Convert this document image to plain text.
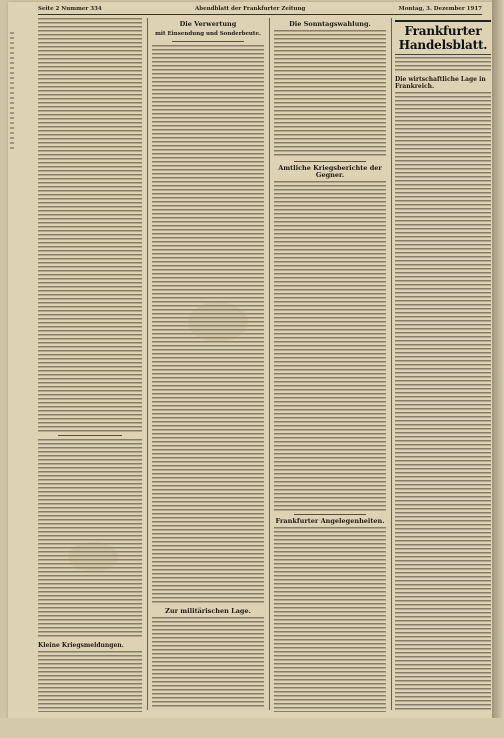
Seite 2 Nummer 334	Abendblatt der Frankfurter Zeitung	Montag, 3. Dezember 1917
Kleine Kriegsmeldungen.
Die Verwertung
mit Einsendung und Sonderbeute.
Zur militärischen Lage.
Die Sonntagswahlung.
Amtliche Kriegsberichte der Gegner.
Frankfurter Angelegenheiten.
Frankfurter Handelsblatt.
Die wirtschaftliche Lage in Frankreich.
